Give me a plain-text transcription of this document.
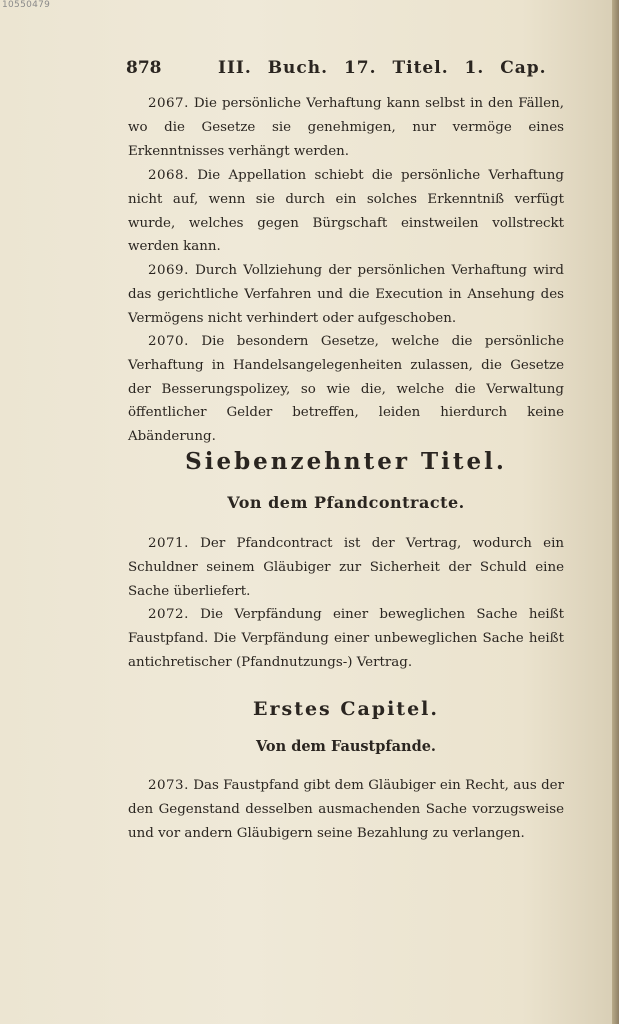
10550479
878	III. Buch. 17. Titel. 1. Cap.

2067. Die persönliche Verhaftung kann selbst in den Fällen, wo die Gesetze sie genehmigen, nur vermöge eines Erkenntnisses verhängt werden.

2068. Die Appellation schiebt die persönliche Verhaftung nicht auf, wenn sie durch ein solches Erkenntniß verfügt wurde, welches gegen Bürgschaft einstweilen vollstreckt werden kann.

2069. Durch Vollziehung der persönlichen Verhaftung wird das gerichtliche Verfahren und die Execution in Ansehung des Vermögens nicht verhindert oder aufgeschoben.

2070. Die besondern Gesetze, welche die persönliche Verhaftung in Handelsangelegenheiten zulassen, die Gesetze der Besserungspolizey, so wie die, welche die Verwaltung öffentlicher Gelder betreffen, leiden hierdurch keine Abänderung.

Siebenzehnter Titel.
Von dem Pfandcontracte.

2071. Der Pfandcontract ist der Vertrag, wodurch ein Schuldner seinem Gläubiger zur Sicherheit der Schuld eine Sache überliefert.

2072. Die Verpfändung einer beweglichen Sache heißt Faustpfand. Die Verpfändung einer unbeweglichen Sache heißt antichretischer (Pfandnutzungs-) Vertrag.

Erstes Capitel.
Von dem Faustpfande.

2073. Das Faustpfand gibt dem Gläubiger ein Recht, aus der den Gegenstand desselben ausmachenden Sache vorzugsweise und vor andern Gläubigern seine Bezahlung zu verlangen.
